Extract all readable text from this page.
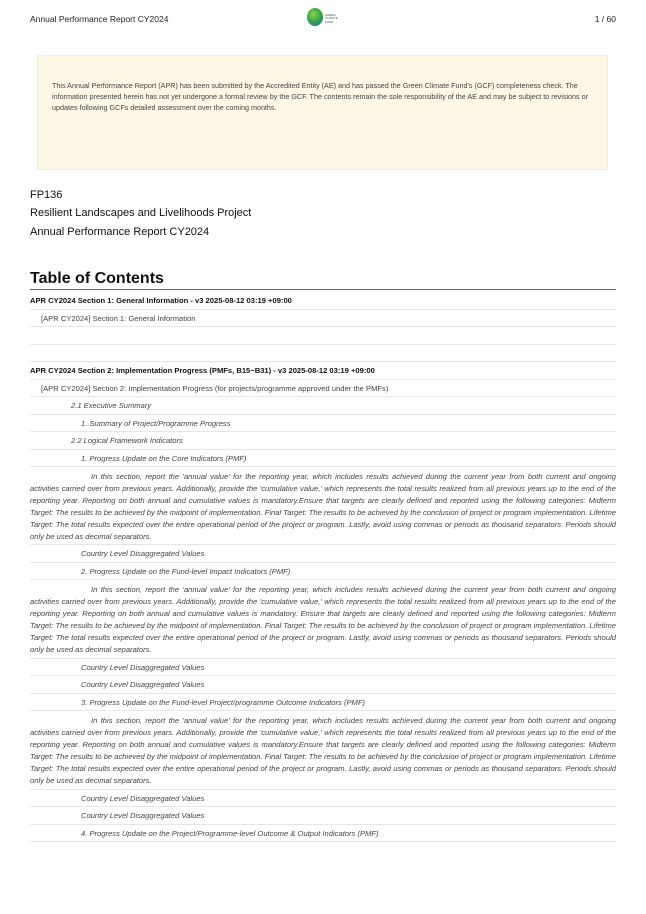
Annual Performance Report CY2024	GREEN CLIMATE FUND	1 / 60

This Annual Performance Report (APR) has been submitted by the Accredited Entity (AE) and has passed the Green Climate Fund's (GCF) completeness check. The information presented herein has not yet undergone a formal review by the GCF. The contents remain the sole responsibility of the AE and may be subject to revisions or updates following GCFs detailed assessment over the coming months.

FP136
Resilient Landscapes and Livelihoods Project
Annual Performance Report CY2024
Table of Contents
APR CY2024 Section 1: General Information - v3 2025-08-12 03:19 +09:00
[APR CY2024] Section 1: General Information
APR CY2024 Section 2: Implementation Progress (PMFs, B15~B31) - v3 2025-08-12 03:19 +09:00
[APR CY2024] Section 2: Implementation Progress (for projects/programme approved under the PMFs)
2.1 Executive Summary
1. Summary of Project/Programme Progress
2.2 Logical Framework Indicators
1. Progress Update on the Core Indicators (PMF)
In this section, report the 'annual value' for the reporting year, which includes results achieved during the current year from both current and ongoing activities carried over from previous years. Additionally, provide the 'cumulative value,' which represents the total results realized from all previous years up to the end of the reporting year. Reporting on both annual and cumulative values is mandatory.Ensure that targets are clearly defined and reported using the following categories: Midterm Target: The results to be achieved by the midpoint of implementation. Final Target: The results to be achieved by the conclusion of project or program implementation. Lifetime Target: The total results expected over the entire operational period of the project or program. Lastly, avoid using commas or periods as thousand separators. Periods should only be used as decimal separators.
Country Level Disaggregated Values
2. Progress Update on the Fund-level Impact Indicators (PMF)
In this section, report the 'annual value' for the reporting year, which includes results achieved during the current year from both current and ongoing activities carried over from previous years. Additionally, provide the 'cumulative value,' which represents the total results realized from all previous years up to the end of the reporting year. Reporting on both annual and cumulative values is mandatory. Ensure that targets are clearly defined and reported using the following categories: Midterm Target: The results to be achieved by the midpoint of implementation. Final Target: The results to be achieved by the conclusion of project or program implementation. Lifetime Target: The total results expected over the entire operational period of the project or program. Lastly, avoid using commas or periods as thousand separators. Periods should only be used as decimal separators.
Country Level Disaggregated Values
Country Level Disaggregated Values
3. Progress Update on the Fund-level Project/programme Outcome Indicators (PMF)
In this section, report the 'annual value' for the reporting year, which includes results achieved during the current year from both current and ongoing activities carried over from previous years. Additionally, provide the 'cumulative value,' which represents the total results realized from all previous years up to the end of the reporting year. Reporting on both annual and cumulative values is mandatory.Ensure that targets are clearly defined and reported using the following categories: Midterm Target: The results to be achieved by the midpoint of implementation. Final Target: The results to be achieved by the conclusion of project or program implementation. Lifetime Target: The total results expected over the entire operational period of the project or program. Lastly, avoid using commas or periods as thousand separators. Periods should only be used as decimal separators.
Country Level Disaggregated Values
Country Level Disaggregated Values
4. Progress Update on the Project/Programme-level Outcome & Output Indicators (PMF)
